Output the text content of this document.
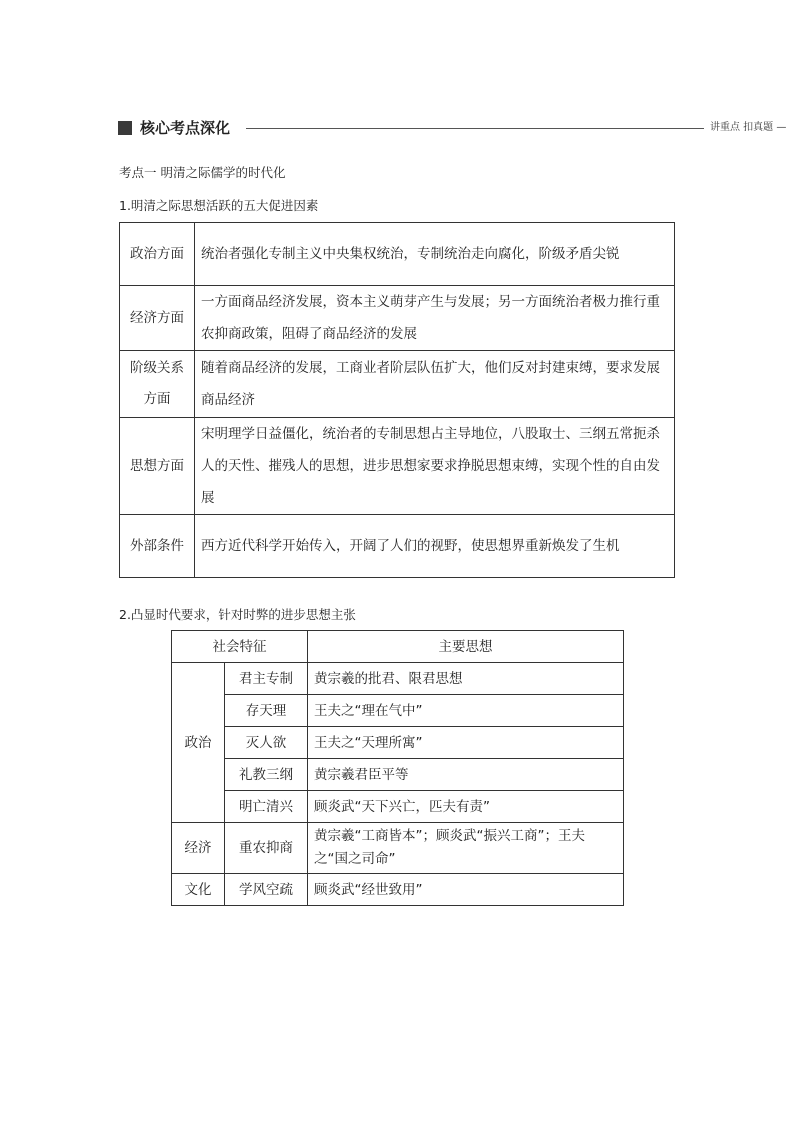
核心考点深化	讲重点 扣真题 —
考点一 明清之际儒学的时代化
1.明清之际思想活跃的五大促进因素
政治方面	统治者强化专制主义中央集权统治，专制统治走向腐化，阶级矛盾尖锐
经济方面	一方面商品经济发展，资本主义萌芽产生与发展；另一方面统治者极力推行重农抑商政策，阻碍了商品经济的发展
阶级关系方面	随着商品经济的发展，工商业者阶层队伍扩大，他们反对封建束缚，要求发展商品经济
思想方面	宋明理学日益僵化，统治者的专制思想占主导地位，八股取士、三纲五常扼杀人的天性、摧残人的思想，进步思想家要求挣脱思想束缚，实现个性的自由发展
外部条件	西方近代科学开始传入，开阔了人们的视野，使思想界重新焕发了生机
2.凸显时代要求，针对时弊的进步思想主张
社会特征		主要思想
政治	君主专制	黄宗羲的批君、限君思想
	存天理	王夫之“理在气中”
	灭人欲	王夫之“天理所寓”
	礼教三纲	黄宗羲君臣平等
	明亡清兴	顾炎武“天下兴亡，匹夫有责”
经济	重农抑商	黄宗羲“工商皆本”；顾炎武“振兴工商”；王夫之“国之司命”
文化	学风空疏	顾炎武“经世致用”
